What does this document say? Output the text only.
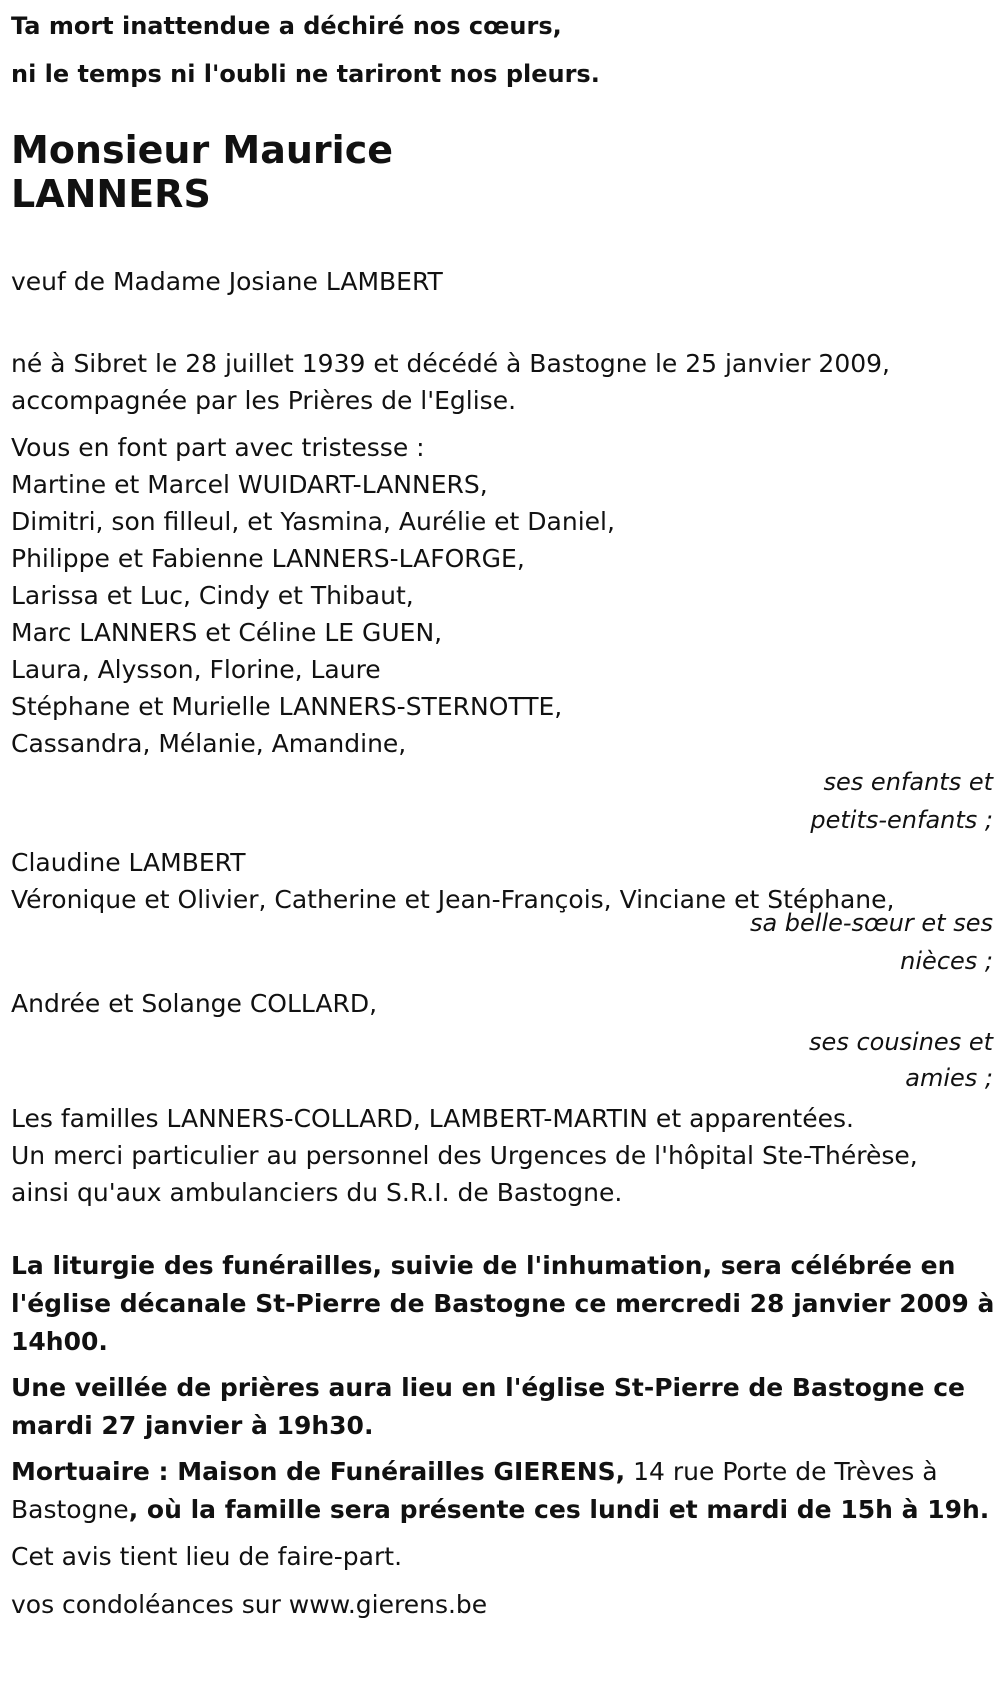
Ta mort inattendue a déchiré nos cœurs,
ni le temps ni l'oubli ne tariront nos pleurs.
Monsieur Maurice
LANNERS
veuf de Madame Josiane LAMBERT
né à Sibret le 28 juillet 1939 et décédé à Bastogne le 25 janvier 2009,
accompagnée par les Prières de l'Eglise.
Vous en font part avec tristesse :
Martine et Marcel WUIDART-LANNERS,
Dimitri, son filleul, et Yasmina, Aurélie et Daniel,
Philippe et Fabienne LANNERS-LAFORGE,
Larissa et Luc, Cindy et Thibaut,
Marc LANNERS et Céline LE GUEN,
Laura, Alysson, Florine, Laure
Stéphane et Murielle LANNERS-STERNOTTE,
Cassandra, Mélanie, Amandine,
ses enfants et
petits-enfants ;
Claudine LAMBERT
Véronique et Olivier, Catherine et Jean-François, Vinciane et Stéphane,
sa belle-sœur et ses
nièces ;
Andrée et Solange COLLARD,
ses cousines et
amies ;
Les familles LANNERS-COLLARD, LAMBERT-MARTIN et apparentées.
Un merci particulier au personnel des Urgences de l'hôpital Ste-Thérèse,
ainsi qu'aux ambulanciers du S.R.I. de Bastogne.
La liturgie des funérailles, suivie de l'inhumation, sera célébrée en
l'église décanale St-Pierre de Bastogne ce mercredi 28 janvier 2009 à
14h00.
Une veillée de prières aura lieu en l'église St-Pierre de Bastogne ce
mardi 27 janvier à 19h30.
Mortuaire : Maison de Funérailles GIERENS, 14 rue Porte de Trèves à
Bastogne, où la famille sera présente ces lundi et mardi de 15h à 19h.
Cet avis tient lieu de faire-part.
vos condoléances sur www.gierens.be
